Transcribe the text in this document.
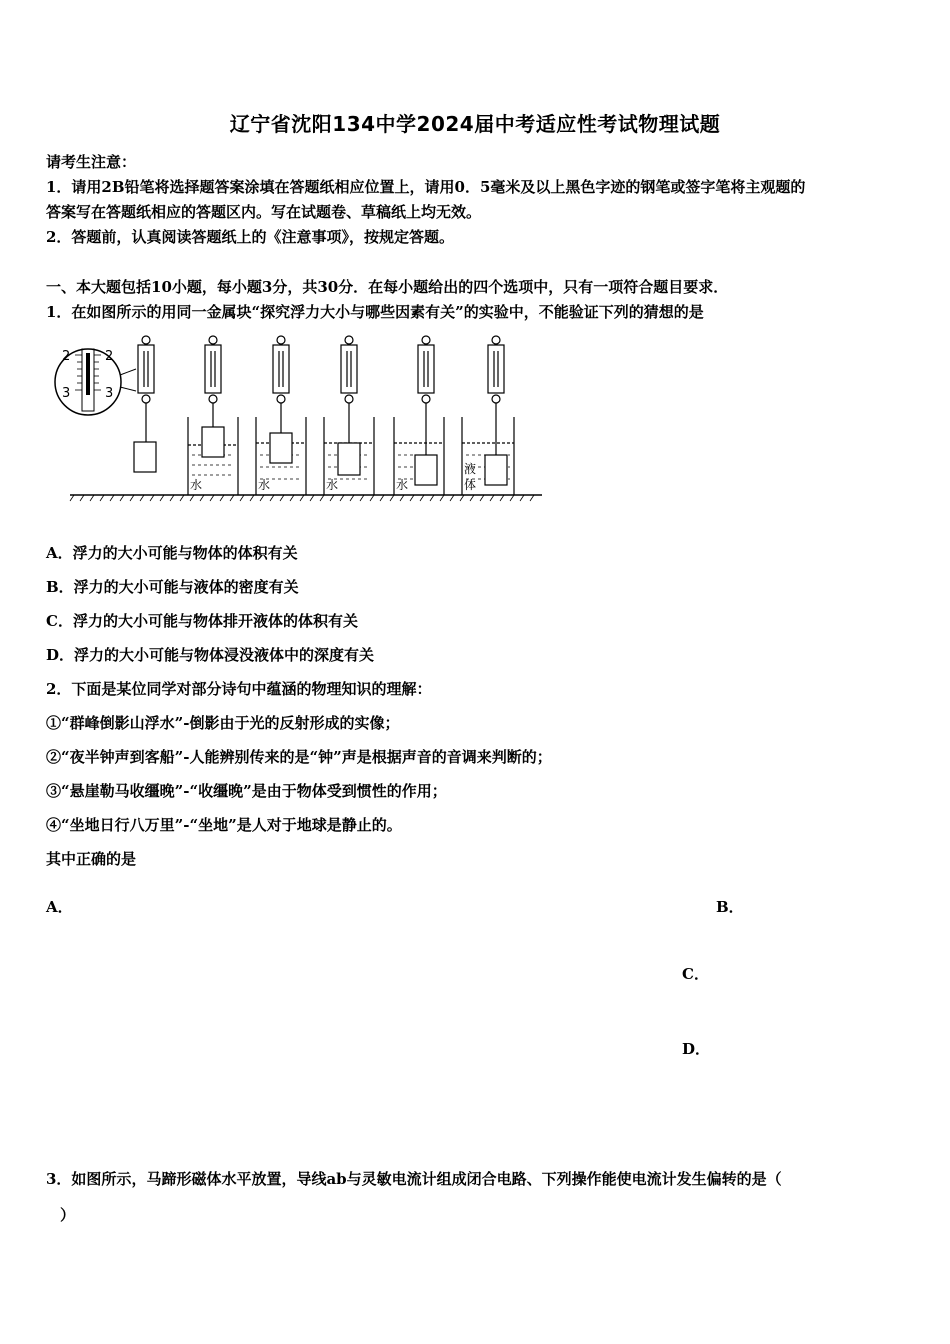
辽宁省沈阳134中学2024届中考适应性考试物理试题
请考生注意：
1．请用2B铅笔将选择题答案涂填在答题纸相应位置上，请用0．5毫米及以上黑色字迹的钢笔或签字笔将主观题的
答案写在答题纸相应的答题区内。写在试题卷、草稿纸上均无效。
2．答题前，认真阅读答题纸上的《注意事项》，按规定答题。
一、本大题包括10小题，每小题3分，共30分．在每小题给出的四个选项中，只有一项符合题目要求．
1．在如图所示的用同一金属块“探究浮力大小与哪些因素有关”的实验中，不能验证下列的猜想的是
2	2
3	3
水	水	水	水
液
体
A．浮力的大小可能与物体的体积有关
B．浮力的大小可能与液体的密度有关
C．浮力的大小可能与物体排开液体的体积有关
D．浮力的大小可能与物体浸没液体中的深度有关
2．下面是某位同学对部分诗句中蕴涵的物理知识的理解：
①“群峰倒影山浮水”-倒影由于光的反射形成的实像；
②“夜半钟声到客船”-人能辨别传来的是“钟”声是根据声音的音调来判断的；
③“悬崖勒马收缰晚”-“收缰晚”是由于物体受到惯性的作用；
④“坐地日行八万里”-“坐地”是人对于地球是静止的。
其中正确的是
A．	B．
C．
D．
3．如图所示，马蹄形磁体水平放置，导线ab与灵敏电流计组成闭合电路、下列操作能使电流计发生偏转的是（
）
